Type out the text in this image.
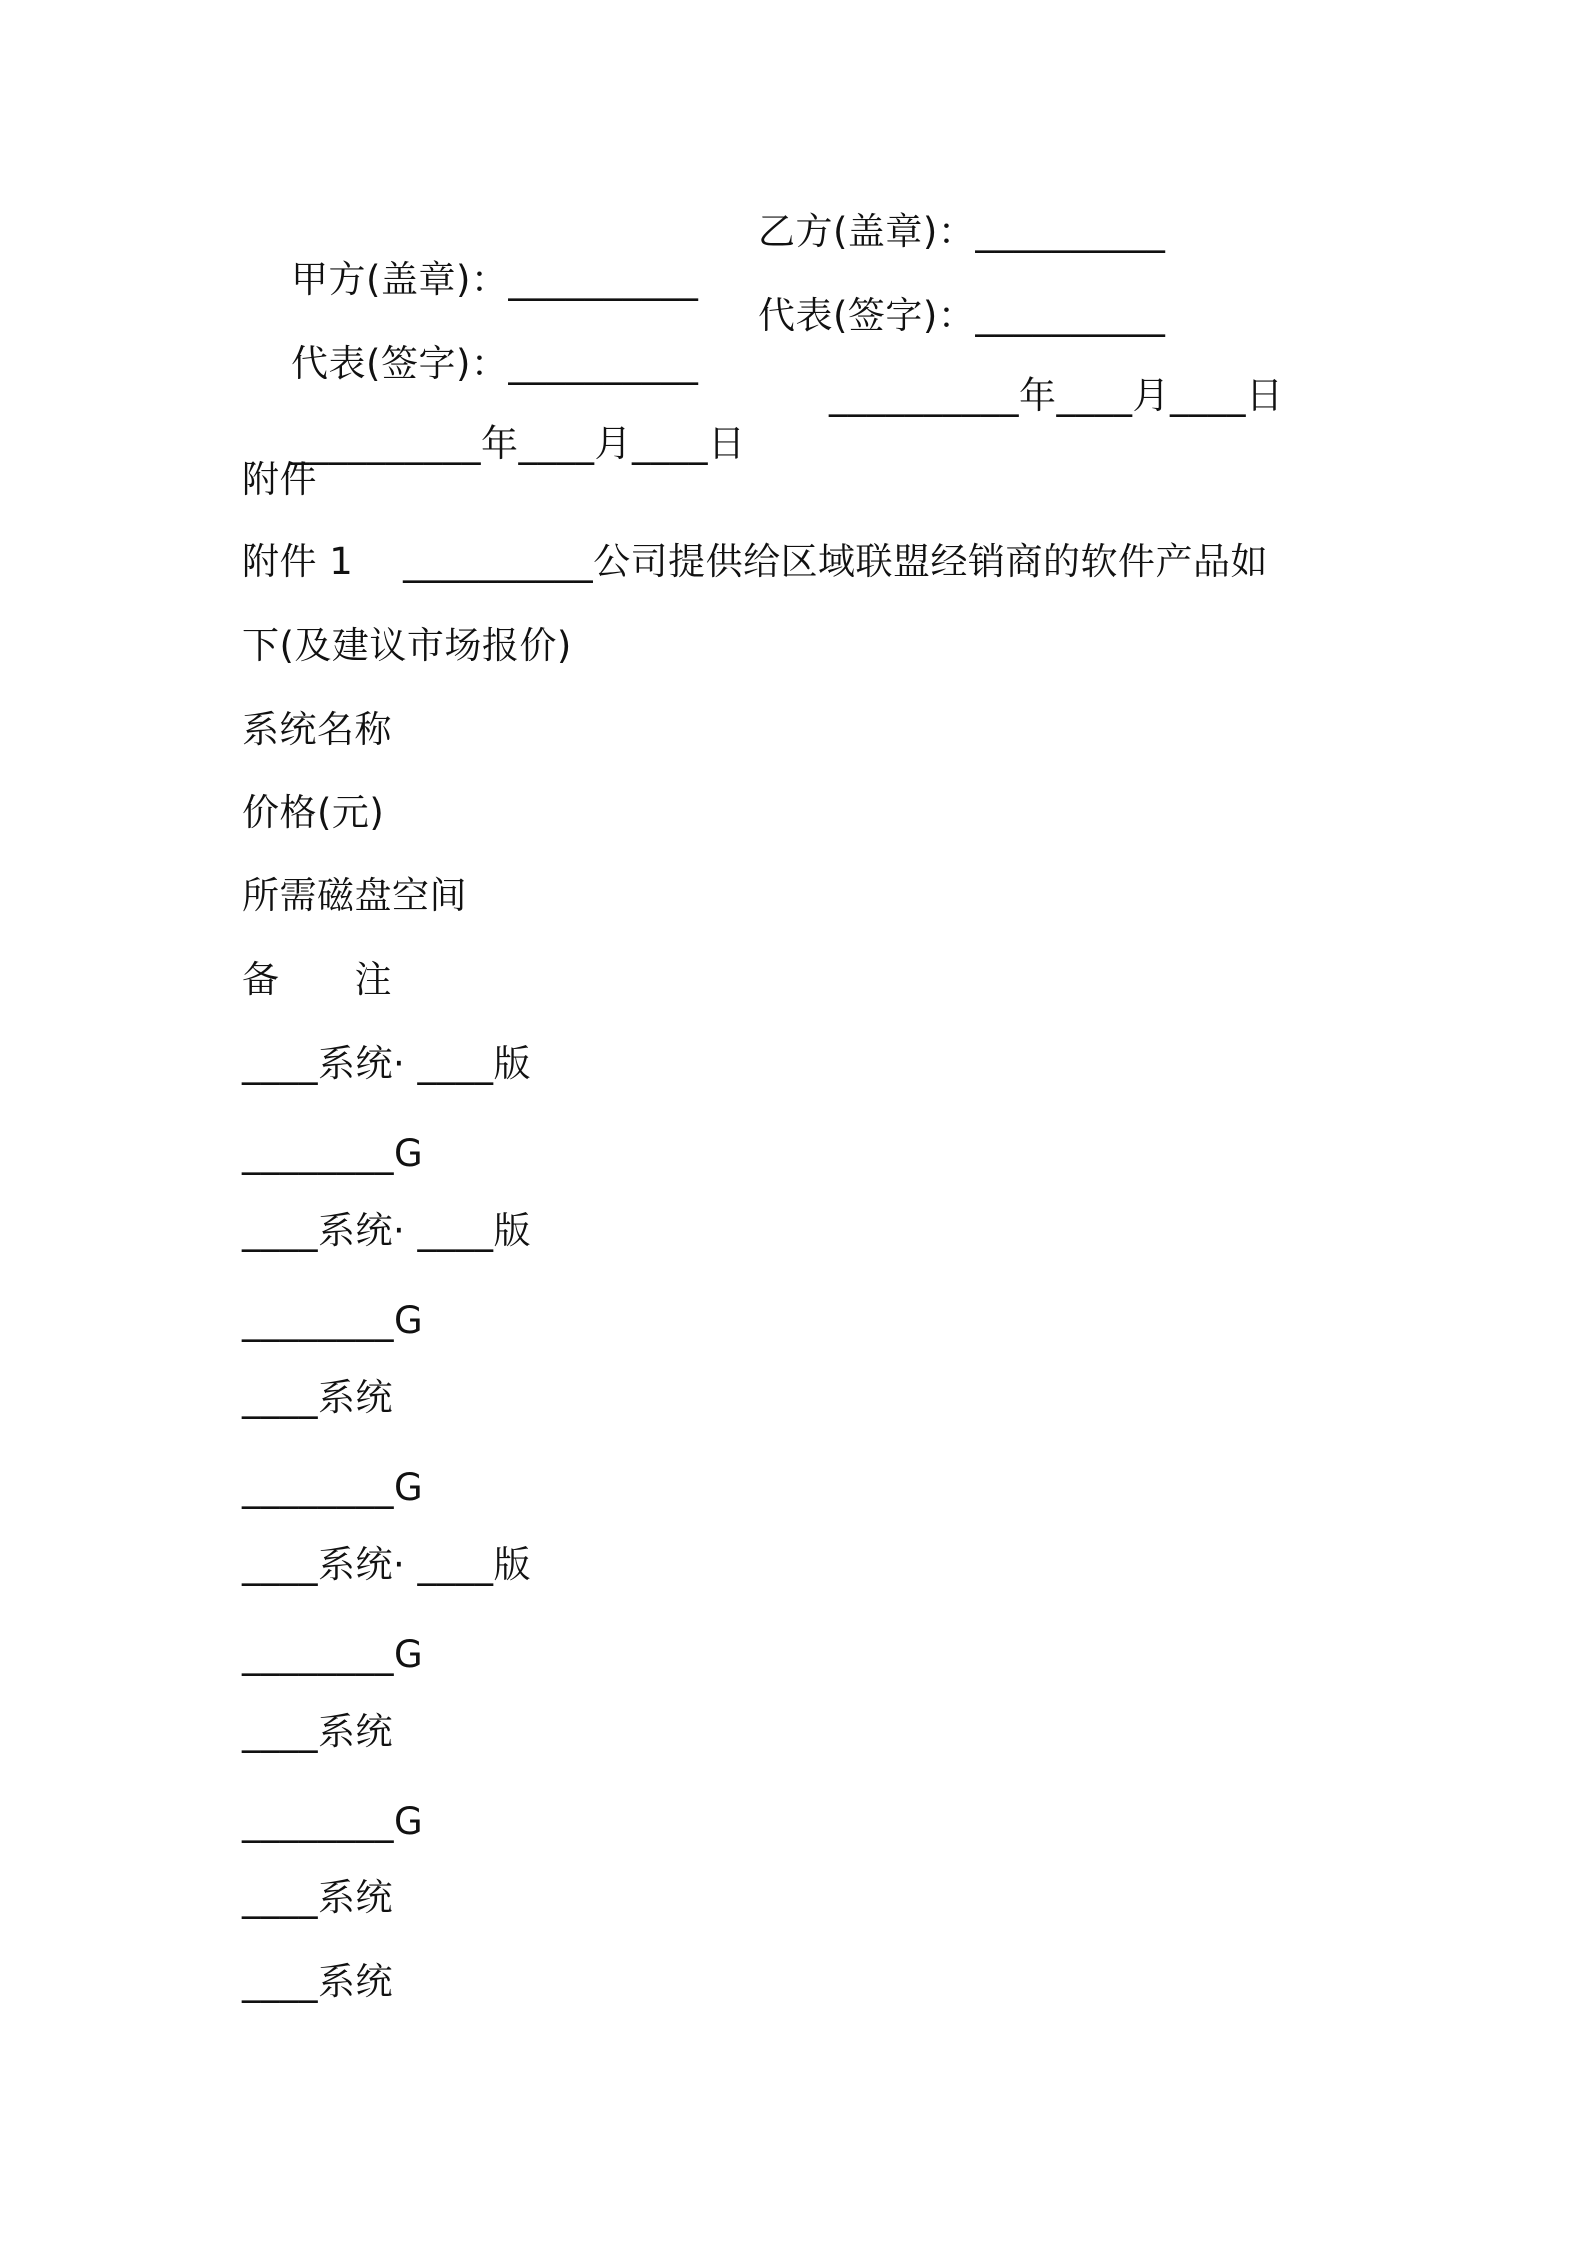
甲方(盖章)：__________

乙方(盖章)：__________

代表(签字)：__________

代表(签字)：__________

__________年____月____日

__________年____月____日

附件
附件 1　 __________公司提供给区域联盟经销商的软件产品如
下(及建议市场报价)
系统名称
价格(元)
所需磁盘空间
备　　注
____系统· ____版
________G
____系统· ____版
________G
____系统
________G
____系统· ____版
________G
____系统
________G
____系统
____系统
